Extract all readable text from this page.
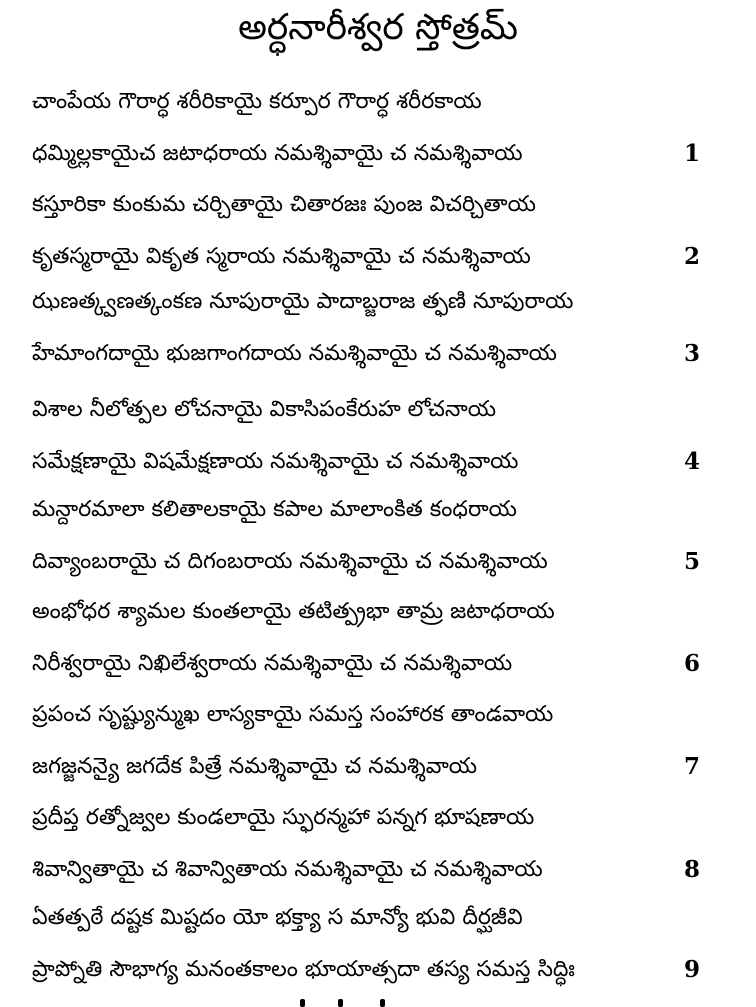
అర్ధనారీశ్వర స్తోత్రమ్
చాంపేయ గౌరార్ధ శరీరికాయై కర్పూర గౌరార్ధ శరీరకాయ
ధమ్మిల్లకాయైచ జటాధరాయ నమశ్శివాయై చ నమశ్శివాయ	1
కస్తూరికా కుంకుమ చర్చితాయై చితారజః పుంజ విచర్చితాయ
కృతస్మరాయై వికృత స్మరాయ నమశ్శివాయై చ నమశ్శివాయ	2
ఝణత్క్వణత్కంకణ నూపురాయై పాదాబ్జరాజ త్ఫణి నూపురాయ
హేమాంగదాయై భుజగాంగదాయ నమశ్శివాయై చ నమశ్శివాయ	3
విశాల నీలోత్పల లోచనాయై వికాసిపంకేరుహ లోచనాయ
సమేక్షణాయై విషమేక్షణాయ నమశ్శివాయై చ నమశ్శివాయ	4
మన్దారమాలా కలితాలకాయై కపాల మాలాంకిత కంధరాయ
దివ్యాంబరాయై చ దిగంబరాయ నమశ్శివాయై చ నమశ్శివాయ	5
అంభోధర శ్యామల కుంతలాయై తటిత్ప్రభా తామ్ర జటాధరాయ
నిరీశ్వరాయై నిఖిలేశ్వరాయ నమశ్శివాయై చ నమశ్శివాయ	6
ప్రపంచ సృష్ట్యున్ముఖ లాస్యకాయై సమస్త సంహారక తాండవాయ
జగజ్జనన్యై జగదేక పిత్రే నమశ్శివాయై చ నమశ్శివాయ	7
ప్రదీప్త రత్నోజ్వల కుండలాయై స్ఫురన్మహా పన్నగ భూషణాయ
శివాన్వితాయై చ శివాన్వితాయ నమశ్శివాయై చ నమశ్శివాయ	8
ఏతత్పఠే దష్టక మిష్టదం యో భక్త్యా స మాన్యో భువి దీర్ఘజీవి
ప్రాప్నోతి సౌభాగ్య మనంతకాలం భూయాత్సదా తస్య సమస్త సిద్ధిః	9
